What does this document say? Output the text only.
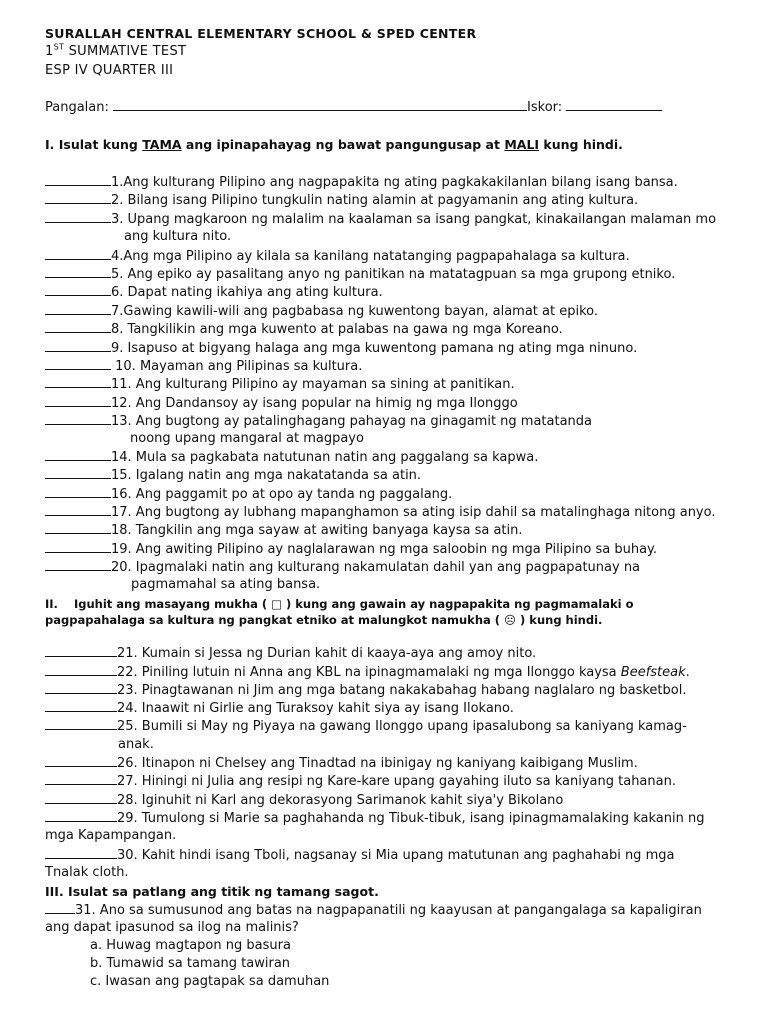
SURALLAH CENTRAL ELEMENTARY SCHOOL & SPED CENTER
1ST SUMMATIVE TEST
ESP IV QUARTER III
Pangalan:	Iskor:
I. Isulat kung TAMA ang ipinapahayag ng bawat pangungusap at MALI kung hindi.
1.Ang kulturang Pilipino ang nagpapakita ng ating pagkakakilanlan bilang isang bansa.
2. Bilang isang Pilipino tungkulin nating alamin at pagyamanin ang ating kultura.
3. Upang magkaroon ng malalim na kaalaman sa isang pangkat, kinakailangan malaman mo
ang kultura nito.
4.Ang mga Pilipino ay kilala sa kanilang natatanging pagpapahalaga sa kultura.
5. Ang epiko ay pasalitang anyo ng panitikan na matatagpuan sa mga grupong etniko.
6. Dapat nating ikahiya ang ating kultura.
7.Gawing kawili-wili ang pagbabasa ng kuwentong bayan, alamat at epiko.
8. Tangkilikin ang mga kuwento at palabas na gawa ng mga Koreano.
9. Isapuso at bigyang halaga ang mga kuwentong pamana ng ating mga ninuno.
10. Mayaman ang Pilipinas sa kultura.
11. Ang kulturang Pilipino ay mayaman sa sining at panitikan.
12. Ang Dandansoy ay isang popular na himig ng mga Ilonggo
13. Ang bugtong ay patalinghagang pahayag na ginagamit ng matatanda
noong upang mangaral at magpayo
14. Mula sa pagkabata natutunan natin ang paggalang sa kapwa.
15. Igalang natin ang mga nakatatanda sa atin.
16. Ang paggamit po at opo ay tanda ng paggalang.
17. Ang bugtong ay lubhang mapanghamon sa ating isip dahil sa matalinghaga nitong anyo.
18. Tangkilin ang mga sayaw at awiting banyaga kaysa sa atin.
19. Ang awiting Pilipino ay naglalarawan ng mga saloobin ng mga Pilipino sa buhay.
20. Ipagmalaki natin ang kulturang nakamulatan dahil yan ang pagpapatunay na
pagmamahal sa ating bansa.
II.    Iguhit ang masayang mukha ( □ ) kung ang gawain ay nagpapakita ng pagmamalaki o
pagpapahalaga sa kultura ng pangkat etniko at malungkot namukha ( ☹ ) kung hindi.
21. Kumain si Jessa ng Durian kahit di kaaya-aya ang amoy nito.
22. Piniling lutuin ni Anna ang KBL na ipinagmamalaki ng mga Ilonggo kaysa Beefsteak.
23. Pinagtawanan ni Jim ang mga batang nakakabahag habang naglalaro ng basketbol.
24. Inaawit ni Girlie ang Turaksoy kahit siya ay isang Ilokano.
25. Bumili si May ng Piyaya na gawang Ilonggo upang ipasalubong sa kaniyang kamag-
anak.
26. Itinapon ni Chelsey ang Tinadtad na ibinigay ng kaniyang kaibigang Muslim.
27. Hiningi ni Julia ang resipi ng Kare-kare upang gayahing iluto sa kaniyang tahanan.
28. Iginuhit ni Karl ang dekorasyong Sarimanok kahit siya'y Bikolano
29. Tumulong si Marie sa paghahanda ng Tibuk-tibuk, isang ipinagmamalaking kakanin ng
mga Kapampangan.
30. Kahit hindi isang Tboli, nagsanay si Mia upang matutunan ang paghahabi ng mga
Tnalak cloth.
III. Isulat sa patlang ang titik ng tamang sagot.
31. Ano sa sumusunod ang batas na nagpapanatili ng kaayusan at pangangalaga sa kapaligiran
ang dapat ipasunod sa ilog na malinis?
a. Huwag magtapon ng basura
b. Tumawid sa tamang tawiran
c. Iwasan ang pagtapak sa damuhan
